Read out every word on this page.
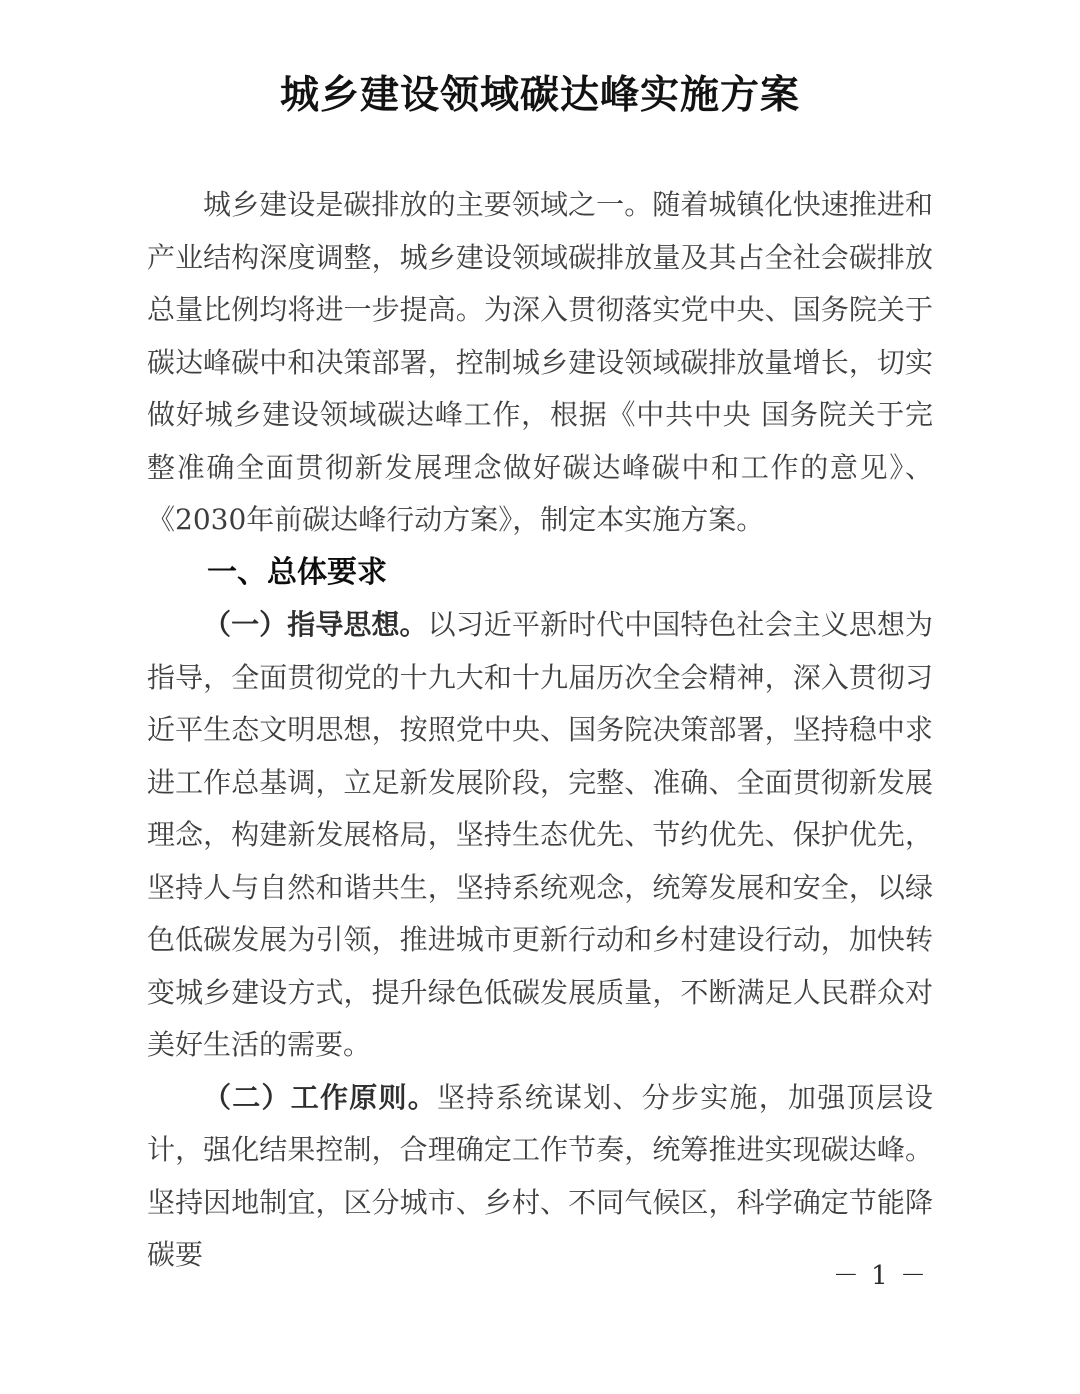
城乡建设领域碳达峰实施方案

城乡建设是碳排放的主要领域之一。随着城镇化快速推进和产业结构深度调整，城乡建设领域碳排放量及其占全社会碳排放总量比例均将进一步提高。为深入贯彻落实党中央、国务院关于碳达峰碳中和决策部署，控制城乡建设领域碳排放量增长，切实做好城乡建设领域碳达峰工作，根据《中共中央 国务院关于完整准确全面贯彻新发展理念做好碳达峰碳中和工作的意见》、《2030年前碳达峰行动方案》，制定本实施方案。

一、总体要求

（一）指导思想。以习近平新时代中国特色社会主义思想为指导，全面贯彻党的十九大和十九届历次全会精神，深入贯彻习近平生态文明思想，按照党中央、国务院决策部署，坚持稳中求进工作总基调，立足新发展阶段，完整、准确、全面贯彻新发展理念，构建新发展格局，坚持生态优先、节约优先、保护优先，坚持人与自然和谐共生，坚持系统观念，统筹发展和安全，以绿色低碳发展为引领，推进城市更新行动和乡村建设行动，加快转变城乡建设方式，提升绿色低碳发展质量，不断满足人民群众对美好生活的需要。

（二）工作原则。坚持系统谋划、分步实施，加强顶层设计，强化结果控制，合理确定工作节奏，统筹推进实现碳达峰。坚持因地制宜，区分城市、乡村、不同气候区，科学确定节能降碳要

－ 1 －
